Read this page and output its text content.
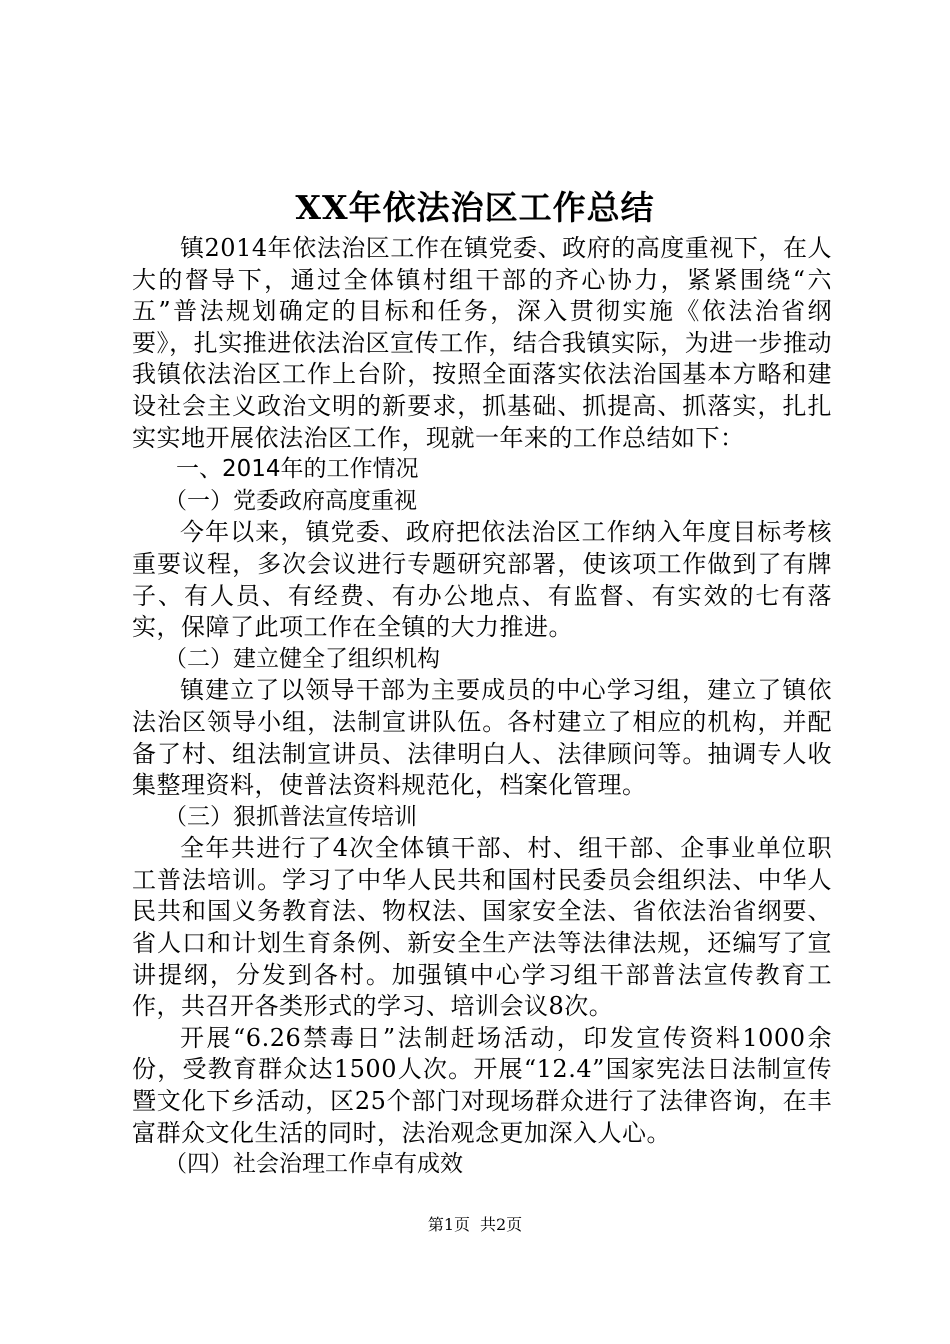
XX年依法治区工作总结

镇2014年依法治区工作在镇党委、政府的高度重视下，在人大的督导下，通过全体镇村组干部的齐心协力，紧紧围绕“六五”普法规划确定的目标和任务，深入贯彻实施《依法治省纲要》，扎实推进依法治区宣传工作，结合我镇实际，为进一步推动我镇依法治区工作上台阶，按照全面落实依法治国基本方略和建设社会主义政治文明的新要求，抓基础、抓提高、抓落实，扎扎实实地开展依法治区工作，现就一年来的工作总结如下：

一、2014年的工作情况

（一）党委政府高度重视

今年以来，镇党委、政府把依法治区工作纳入年度目标考核重要议程，多次会议进行专题研究部署，使该项工作做到了有牌子、有人员、有经费、有办公地点、有监督、有实效的七有落实，保障了此项工作在全镇的大力推进。

（二）建立健全了组织机构

镇建立了以领导干部为主要成员的中心学习组，建立了镇依法治区领导小组，法制宣讲队伍。各村建立了相应的机构，并配备了村、组法制宣讲员、法律明白人、法律顾问等。抽调专人收集整理资料，使普法资料规范化，档案化管理。

（三）狠抓普法宣传培训

全年共进行了4次全体镇干部、村、组干部、企事业单位职工普法培训。学习了中华人民共和国村民委员会组织法、中华人民共和国义务教育法、物权法、国家安全法、省依法治省纲要、省人口和计划生育条例、新安全生产法等法律法规，还编写了宣讲提纲，分发到各村。加强镇中心学习组干部普法宣传教育工作，共召开各类形式的学习、培训会议8次。

开展“6.26禁毒日”法制赶场活动，印发宣传资料1000余份，受教育群众达1500人次。开展“12.4”国家宪法日法制宣传暨文化下乡活动，区25个部门对现场群众进行了法律咨询，在丰富群众文化生活的同时，法治观念更加深入人心。

（四）社会治理工作卓有成效

第1页 共2页
